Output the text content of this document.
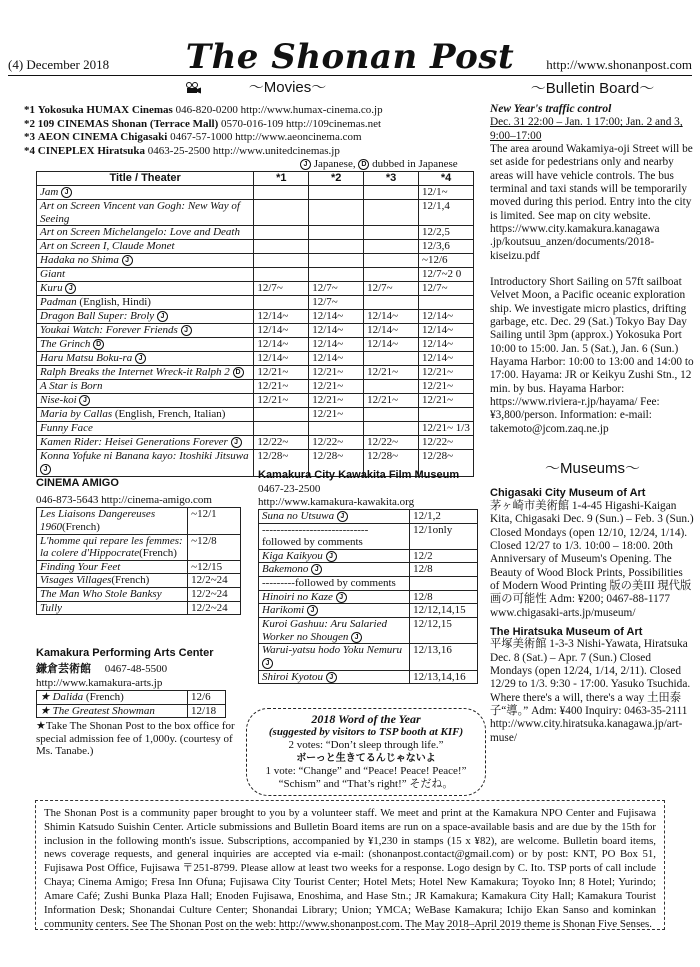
(4) December 2018	The Shonan Post	http://www.shonanpost.com
～Movies～
*1 Yokosuka HUMAX Cinemas 046-820-0200 http://www.humax-cinema.co.jp
*2 109 CINEMAS Shonan (Terrace Mall) 0570-016-109 http://109cinemas.net
*3 AEON CINEMA Chigasaki 0467-57-1000 http://www.aeoncinema.com
*4 CINEPLEX Hiratsuka 0463-25-2500 http://www.unitedcinemas.jp
J Japanese, D dubbed in Japanese
Title / Theater	*1	*2	*3	*4
Jam J				12/1~
Art on Screen Vincent van Gogh: New Way of Seeing				12/1,4
Art on Screen Michelangelo: Love and Death				12/2,5
Art on Screen I, Claude Monet				12/3,6
Hadaka no Shima J				~12/6
Giant				12/7~2 0
Kuru J	12/7~	12/7~	12/7~	12/7~
Padman (English, Hindi)		12/7~		
Dragon Ball Super: Broly J	12/14~	12/14~	12/14~	12/14~
Youkai Watch: Forever Friends J	12/14~	12/14~	12/14~	12/14~
The Grinch D	12/14~	12/14~	12/14~	12/14~
Haru Matsu Boku-ra J	12/14~	12/14~		12/14~
Ralph Breaks the Internet Wreck-it Ralph 2 D	12/21~	12/21~	12/21~	12/21~
A Star is Born	12/21~	12/21~		12/21~
Nise-koi J	12/21~	12/21~	12/21~	12/21~
Maria by Callas (English, French, Italian)		12/21~		
Funny Face				12/21~ 1/3
Kamen Rider: Heisei Generations Forever J	12/22~	12/22~	12/22~	12/22~
Konna Yofuke ni Banana kayo: Itoshiki Jitsuwa J	12/28~	12/28~	12/28~	12/28~
CINEMA AMIGO
046-873-5643 http://cinema-amigo.com
Les Liaisons Dangereuses 1960(French)	~12/1
L'homme qui repare les femmes: la colere d'Hippocrate(French)	~12/8
Finding Your Feet	~12/15
Visages Villages(French)	12/2~24
The Man Who Stole Banksy	12/2~24
Tully	12/2~24
Kamakura Performing Arts Center
鎌倉芸術館 0467-48-5500
http://www.kamakura-arts.jp
★ Dalida (French)	12/6
★ The Greatest Showman	12/18
★Take The Shonan Post to the box office for special admission fee of 1,000y. (courtesy of Ms. Tanabe.)
Kamakura City Kawakita Film Museum
0467-23-2500
http://www.kamakura-kawakita.org
Suna no Utsuwa J	12/1,2
----------------------------- followed by comments	12/1only
Kiga Kaikyou J	12/2
Bakemono J	12/8
---------followed by comments	
Hinoiri no Kaze J	12/8
Harikomi J	12/12,14,15
Kuroi Gashuu: Aru Salaried Worker no Shougen J	12/12,15
Warui-yatsu hodo Yoku Nemuru J	12/13,16
Shiroi Kyotou J	12/13,14,16
2018 Word of the Year
(suggested by visitors to TSP booth at KIF)
2 votes: “Don’t sleep through life.”
ボーっと生きてるんじゃないよ
1 vote: “Change” and “Peace! Peace! Peace!”
“Schism” and “That’s right!” そだね。
～Bulletin Board～
New Year's traffic control
Dec. 31 22:00 – Jan. 1 17:00; Jan. 2 and 3, 9:00–17:00
The area around Wakamiya-oji Street will be set aside for pedestrians only and nearby areas will have vehicle controls. The bus terminal and taxi stands will be temporarily moved during this period. Entry into the city is limited. See map on city website. https://www.city.kamakura.kanagawa .jp/koutsuu_anzen/documents/2018-kiseizu.pdf
Introductory Short Sailing on 57ft sailboat Velvet Moon, a Pacific oceanic exploration ship. We investigate micro plastics, drifting garbage, etc. Dec. 29 (Sat.) Tokyo Bay Day Sailing until 3pm (approx.) Yokosuka Port 10:00 to 15:00. Jan. 5 (Sat.), Jan. 6 (Sun.) Hayama Harbor: 10:00 to 13:00 and 14:00 to 17:00. Hayama: JR or Keikyu Zushi Stn., 12 min. by bus. Hayama Harbor: https://www.riviera-r.jp/hayama/ Fee: ¥3,800/person. Information: e-mail: takemoto@jcom.zaq.ne.jp
～Museums～
Chigasaki City Museum of Art
茅ヶ崎市美術館 1-4-45 Higashi-Kaigan Kita, Chigasaki Dec. 9 (Sun.) – Feb. 3 (Sun.) Closed Mondays (open 12/10, 12/24, 1/14). Closed 12/27 to 1/3. 10:00 – 18:00. 20th Anniversary of Museum's Opening. The Beauty of Wood Block Prints, Possibilities of Modern Wood Printing 版の美III 現代版画の可能性 Adm: ¥200; 0467-88-1177 www.chigasaki-arts.jp/museum/
The Hiratsuka Museum of Art
平塚美術館 1-3-3 Nishi-Yawata, Hiratsuka Dec. 8 (Sat.) – Apr. 7 (Sun.) Closed Mondays (open 12/24, 1/14, 2/11). Closed 12/29 to 1/3. 9:30 - 17:00. Yasuko Tsuchida. Where there's a will, there's a way 土田泰子“導。” Adm: ¥400 Inquiry: 0463-35-2111 http://www.city.hiratsuka.kanagawa.jp/art-muse/
The Shonan Post is a community paper brought to you by a volunteer staff. We meet and print at the Kamakura NPO Center and Fujisawa Shimin Katsudo Suishin Center. Article submissions and Bulletin Board items are run on a space-available basis and are due by the 15th for inclusion in the following month's issue. Subscriptions, accompanied by ¥1,230 in stamps (15 x ¥82), are welcome. Bulletin board items, news coverage requests, and general inquiries are accepted via e-mail: (shonanpost.contact@gmail.com) or by post: KNT, PO Box 51, Fujisawa Post Office, Fujisawa 〒251-8799. Please allow at least two weeks for a response. Logo design by C. Ito. TSP ports of call include Chaya; Cinema Amigo; Fresa Inn Ofuna; Fujisawa City Tourist Center; Hotel Mets; Hotel New Kamakura; Toyoko Inn; 8 Hotel; Yurindo; Amare Café; Zushi Bunka Plaza Hall; Enoden Fujisawa, Enoshima, and Hase Stn.; JR Kamakura; Kamakura City Hall; Kamakura Tourist Information Desk; Shonandai Culture Center; Shonandai Library; Union; YMCA; WeBase Kamakura; Ichijo Ekan Sanso and kominkan community centers. See The Shonan Post on the web: http://www.shonanpost.com. The May 2018–April 2019 theme is Shonan Five Senses.
